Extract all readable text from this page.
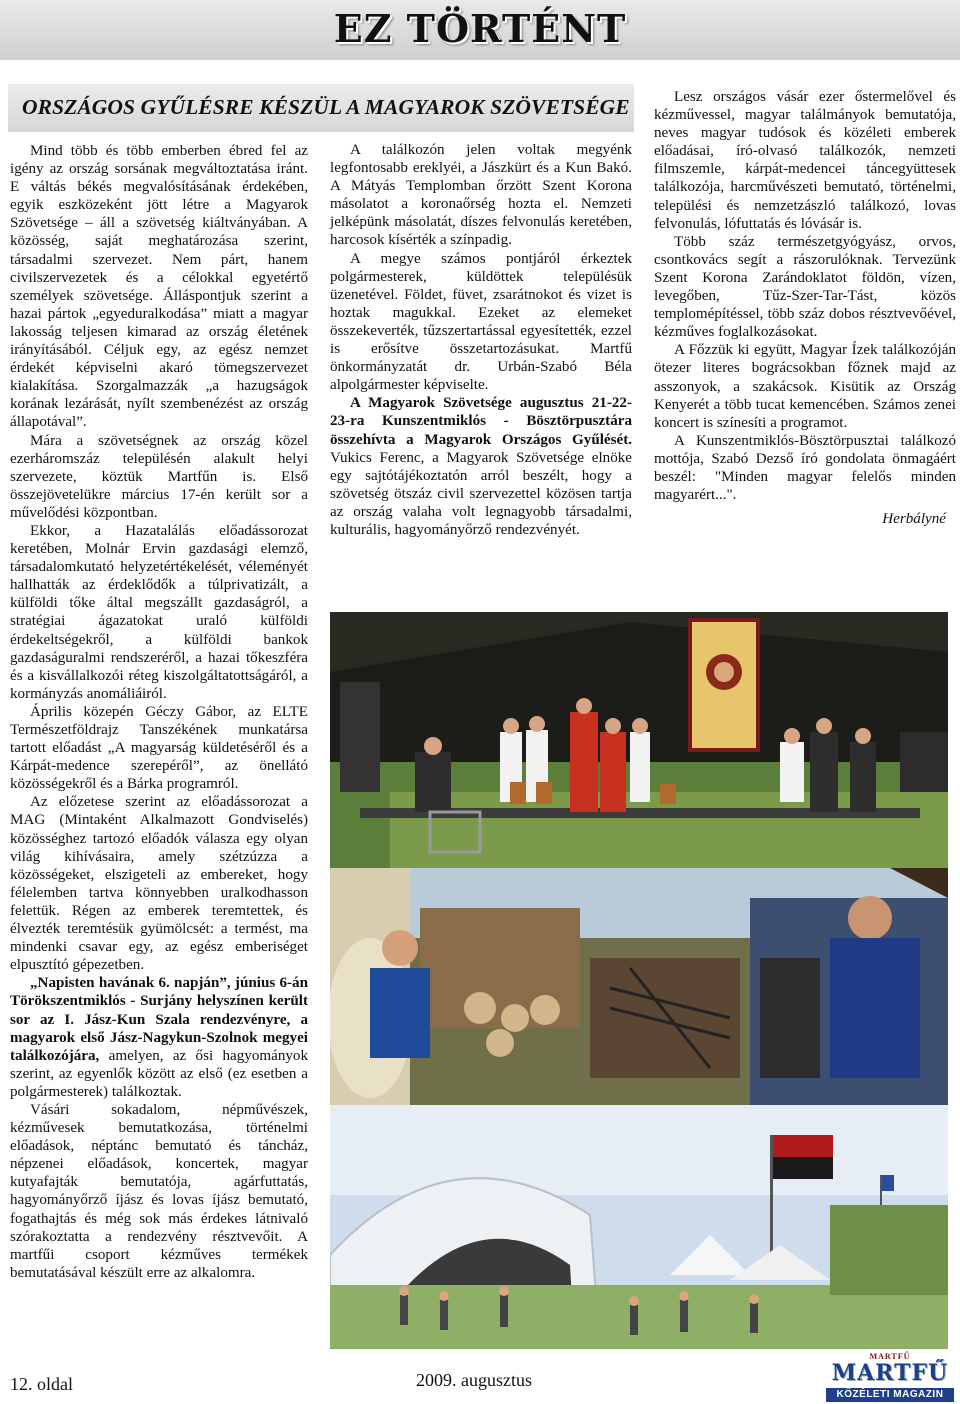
EZ TÖRTÉNT
ORSZÁGOS GYŰLÉSRE KÉSZÜL A MAGYAROK SZÖVETSÉGE

Mind több és több emberben ébred fel az igény az ország sorsának megváltoztatása iránt. E váltás békés megvalósításának érdekében, egyik eszközeként jött létre a Magyarok Szövetsége – áll a szövetség kiáltványában. A közösség, saját meghatározása szerint, társadalmi szervezet. Nem párt, hanem civilszervezetek és a célokkal egyetértő személyek szövetsége. Álláspontjuk szerint a hazai pártok „egyeduralkodása” miatt a magyar lakosság teljesen kimarad az ország életének irányításából. Céljuk egy, az egész nemzet érdekét képviselni akaró tömegszervezet kialakítása. Szorgalmazzák „a hazugságok korának lezárását, nyílt szembenézést az ország állapotával”.

Mára a szövetségnek az ország közel ezerháromszáz településén alakult helyi szervezete, köztük Martfűn is. Első összejövetelükre március 17-én került sor a művelődési központban.

Ekkor, a Hazatalálás előadássorozat keretében, Molnár Ervin gazdasági elemző, társadalomkutató helyzetértékelését, véleményét hallhatták az érdeklődők a túlprivatizált, a külföldi tőke által megszállt gazdaságról, a stratégiai ágazatokat uraló külföldi érdekeltségekről, a külföldi bankok gazdaságuralmi rendszeréről, a hazai tőkeszféra és a kisvállalkozói réteg kiszolgáltatottságáról, a kormányzás anomáliáiról.

Április közepén Géczy Gábor, az ELTE Természetföldrajz Tanszékének munkatársa tartott előadást „A magyarság küldetéséről és a Kárpát-medence szerepéről”, az önellátó közösségekről és a Bárka programról.

Az előzetese szerint az előadássorozat a MAG (Mintaként Alkalmazott Gondviselés) közösséghez tartozó előadók válasza egy olyan világ kihívásaira, amely szétzúzza a közösségeket, elszigeteli az embereket, hogy félelemben tartva könnyebben uralkodhasson felettük. Régen az emberek teremtettek, és élvezték teremtésük gyümölcsét: a termést, ma mindenki csavar egy, az egész emberiséget elpusztító gépezetben.

„Napisten havának 6. napján”, június 6-án Törökszentmiklós - Surjány helyszínen került sor az I. Jász-Kun Szala rendezvényre, a magyarok első Jász-Nagykun-Szolnok megyei találkozójára, amelyen, az ősi hagyományok szerint, az egyenlők között az első (ez esetben a polgármesterek) találkoztak.

Vásári sokadalom, népművészek, kézművesek bemutatkozása, történelmi előadások, néptánc bemutató és táncház, népzenei előadások, koncertek, magyar kutyafajták bemutatója, agárfuttatás, hagyományőrző íjász és lovas íjász bemutató, fogathajtás és még sok más érdekes látnivaló szórakoztatta a rendezvény résztvevőit. A martfűi csoport kézműves termékek bemutatásával készült erre az alkalomra.

A találkozón jelen voltak megyénk legfontosabb ereklyéi, a Jászkürt és a Kun Bakó. A Mátyás Templomban őrzött Szent Korona másolatot a koronaőrség hozta el. Nemzeti jelképünk másolatát, díszes felvonulás keretében, harcosok kísérték a színpadig.

A megye számos pontjáról érkeztek polgármesterek, küldöttek településük üzenetével. Földet, füvet, zsarátnokot és vizet is hoztak magukkal. Ezeket az elemeket összekeverték, tűzszertartással egyesítették, ezzel is erősítve összetartozásukat. Martfű önkormányzatát dr. Urbán-Szabó Béla alpolgármester képviselte.

A Magyarok Szövetsége augusztus 21-22-23-ra Kunszentmiklós - Bösztörpusztára összehívta a Magyarok Országos Gyűlését. Vukics Ferenc, a Magyarok Szövetsége elnöke egy sajtótájékoztatón arról beszélt, hogy a szövetség ötszáz civil szervezettel közösen tartja az ország valaha volt legnagyobb társadalmi, kulturális, hagyományőrző rendezvényét.

Lesz országos vásár ezer őstermelővel és kézművessel, magyar találmányok bemutatója, neves magyar tudósok és közéleti emberek előadásai, író-olvasó találkozók, nemzeti filmszemle, kárpát-medencei táncegyüttesek találkozója, harcművészeti bemutató, történelmi, települési és nemzetzászló találkozó, lovas felvonulás, lófuttatás és lóvásár is.

Több száz természetgyógyász, orvos, csontkovács segít a rászorulóknak. Tervezünk Szent Korona Zarándoklatot földön, vízen, levegőben, Tűz-Szer-Tar-Tást, közös templomépítéssel, több száz dobos résztvevőével, kézműves foglalkozásokat.

A Főzzük ki együtt, Magyar Ízek találkozóján ötezer literes bográcsokban főznek majd az asszonyok, a szakácsok. Kisütik az Ország Kenyerét a több tucat kemencében. Számos zenei koncert is színesíti a programot.

A Kunszentmiklós-Bösztörpusztai találkozó mottója, Szabó Dezső író gondolata önmagáért beszél: "Minden magyar felelős minden magyarért...".

Herbályné

12. oldal	2009. augusztus
MARTFŰ
MARTFŰ
KÖZÉLETI MAGAZIN
